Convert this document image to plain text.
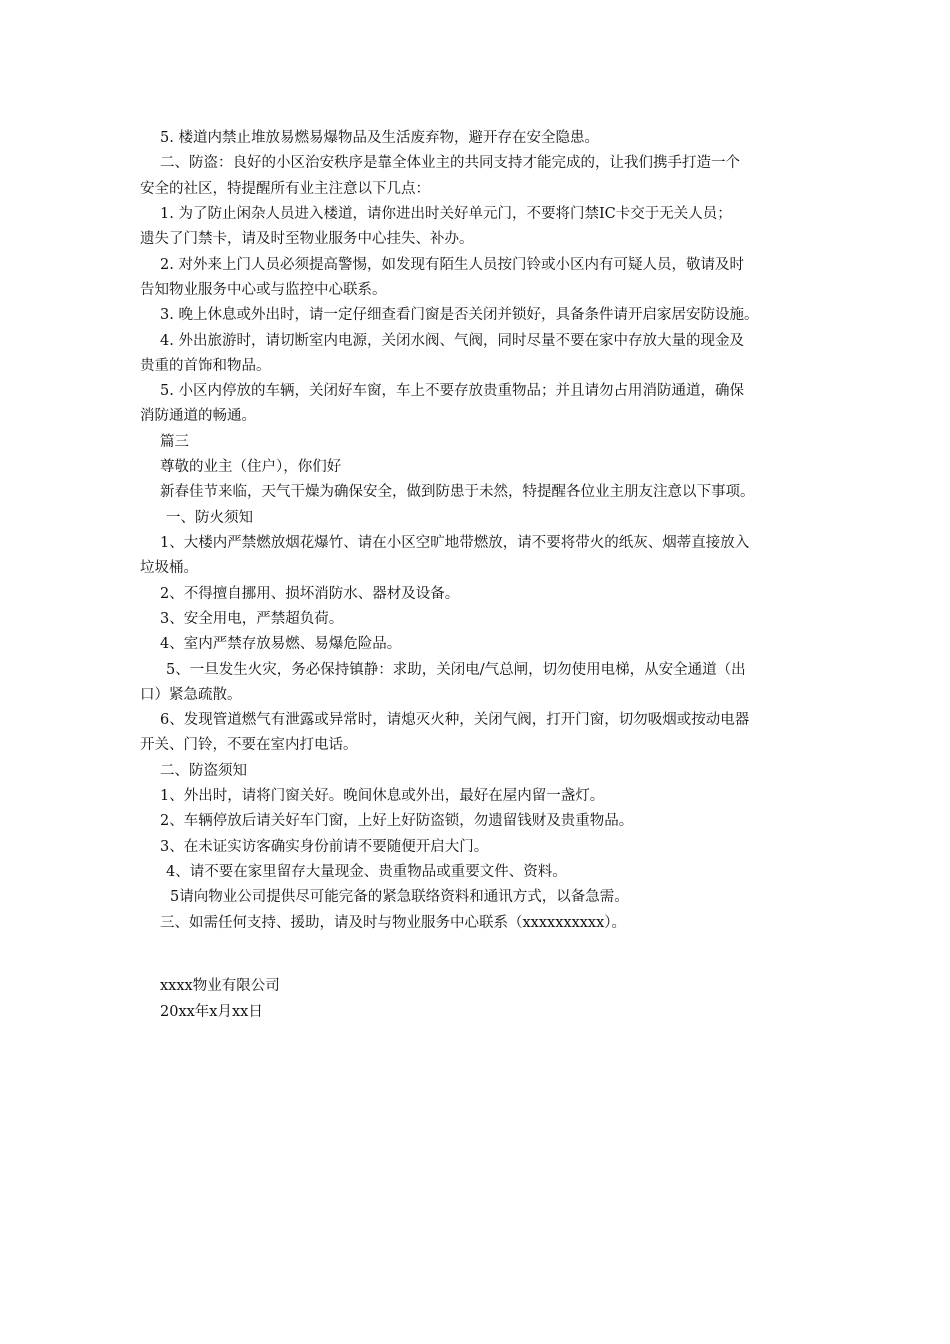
5. 楼道内禁止堆放易燃易爆物品及生活废弃物，避开存在安全隐患。
二、防盗：良好的小区治安秩序是靠全体业主的共同支持才能完成的，让我们携手打造一个
安全的社区，特提醒所有业主注意以下几点：
1. 为了防止闲杂人员进入楼道，请你进出时关好单元门，不要将门禁IC卡交于无关人员；
遗失了门禁卡，请及时至物业服务中心挂失、补办。
2. 对外来上门人员必须提高警惕，如发现有陌生人员按门铃或小区内有可疑人员，敬请及时
告知物业服务中心或与监控中心联系。
3. 晚上休息或外出时，请一定仔细查看门窗是否关闭并锁好，具备条件请开启家居安防设施。
4. 外出旅游时，请切断室内电源，关闭水阀、气阀，同时尽量不要在家中存放大量的现金及
贵重的首饰和物品。
5. 小区内停放的车辆，关闭好车窗，车上不要存放贵重物品；并且请勿占用消防通道，确保
消防通道的畅通。
篇三
尊敬的业主（住户），你们好
新春佳节来临，天气干燥为确保安全，做到防患于未然，特提醒各位业主朋友注意以下事项。
一、防火须知
1、大楼内严禁燃放烟花爆竹、请在小区空旷地带燃放，请不要将带火的纸灰、烟蒂直接放入
垃圾桶。
2、不得擅自挪用、损坏消防水、器材及设备。
3、安全用电，严禁超负荷。
4、室内严禁存放易燃、易爆危险品。
5、一旦发生火灾，务必保持镇静：求助，关闭电/气总闸，切勿使用电梯，从安全通道（出
口）紧急疏散。
6、发现管道燃气有泄露或异常时，请熄灭火种，关闭气阀，打开门窗，切勿吸烟或按动电器
开关、门铃，不要在室内打电话。
二、防盗须知
1、外出时，请将门窗关好。晚间休息或外出，最好在屋内留一盏灯。
2、车辆停放后请关好车门窗，上好上好防盗锁，勿遗留钱财及贵重物品。
3、在未证实访客确实身份前请不要随便开启大门。
4、请不要在家里留存大量现金、贵重物品或重要文件、资料。
5请向物业公司提供尽可能完备的紧急联络资料和通讯方式，以备急需。
三、如需任何支持、援助，请及时与物业服务中心联系（xxxxxxxxxx）。
xxxx物业有限公司
20xx年x月xx日
